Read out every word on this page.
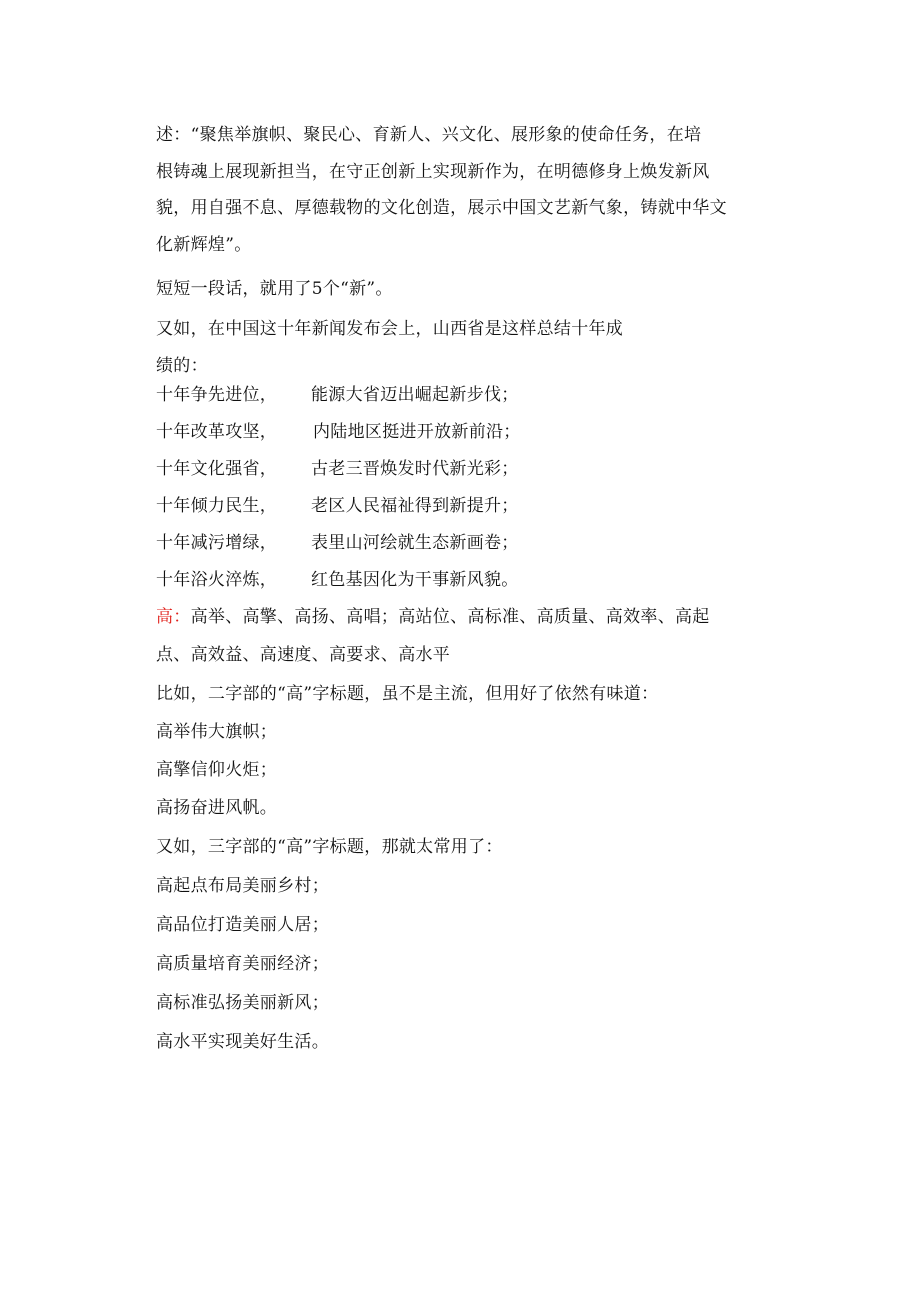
述：“聚焦举旗帜、聚民心、育新人、兴文化、展形象的使命任务，在培
根铸魂上展现新担当，在守正创新上实现新作为，在明德修身上焕发新风
貌，用自强不息、厚德载物的文化创造，展示中国文艺新气象，铸就中华文
化新辉煌”。
短短一段话，就用了5个“新”。
又如，在中国这十年新闻发布会上，山西省是这样总结十年成
绩的：
十年争先进位， 能源大省迈出崛起新步伐；
十年改革攻坚， 内陆地区挺进开放新前沿；
十年文化强省， 古老三晋焕发时代新光彩；
十年倾力民生， 老区人民福祉得到新提升；
十年减污增绿， 表里山河绘就生态新画卷；
十年浴火淬炼， 红色基因化为干事新风貌。
高：高举、高擎、高扬、高唱；高站位、高标准、高质量、高效率、高起
点、高效益、高速度、高要求、高水平
比如，二字部的“高”字标题，虽不是主流，但用好了依然有味道：
高举伟大旗帜；
高擎信仰火炬；
高扬奋进风帆。
又如，三字部的“高”字标题，那就太常用了：
高起点布局美丽乡村；
高品位打造美丽人居；
高质量培育美丽经济；
高标准弘扬美丽新风；
高水平实现美好生活。
